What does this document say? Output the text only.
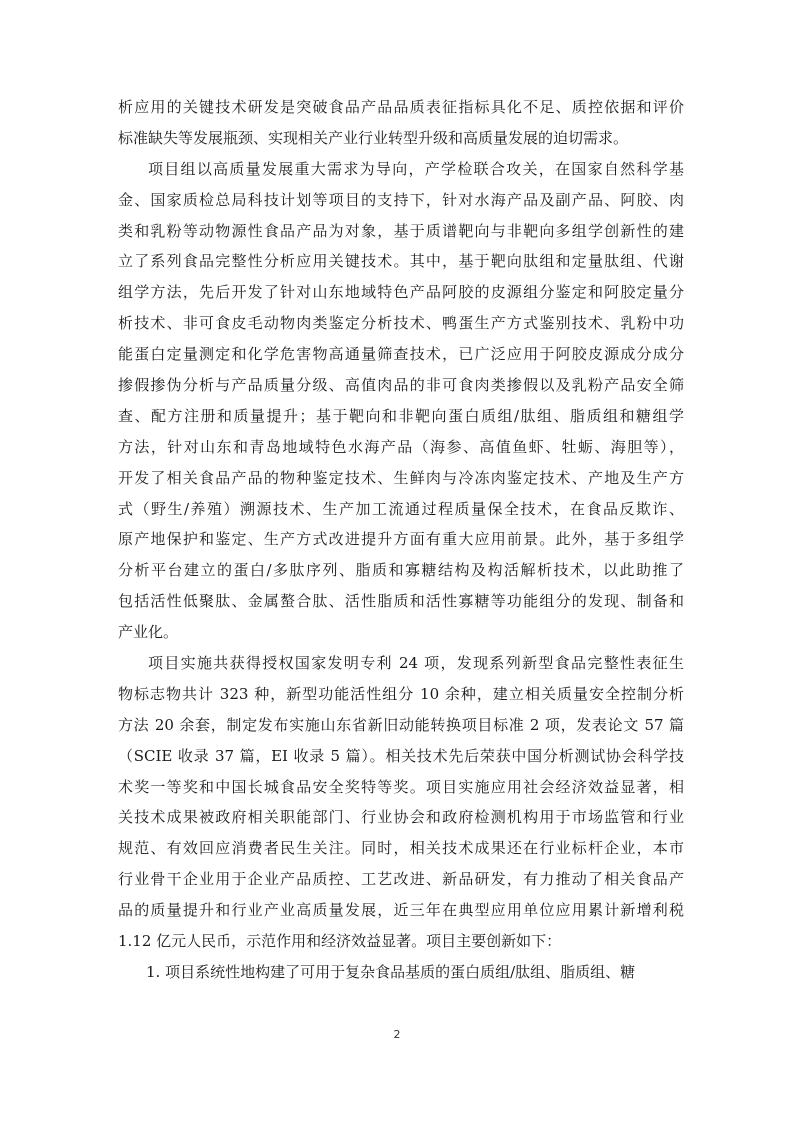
析应用的关键技术研发是突破食品产品品质表征指标具化不足、质控依据和评价
标准缺失等发展瓶颈、实现相关产业行业转型升级和高质量发展的迫切需求。
项目组以高质量发展重大需求为导向，产学检联合攻关，在国家自然科学基
金、国家质检总局科技计划等项目的支持下，针对水海产品及副产品、阿胶、肉
类和乳粉等动物源性食品产品为对象，基于质谱靶向与非靶向多组学创新性的建
立了系列食品完整性分析应用关键技术。其中，基于靶向肽组和定量肽组、代谢
组学方法，先后开发了针对山东地域特色产品阿胶的皮源组分鉴定和阿胶定量分
析技术、非可食皮毛动物肉类鉴定分析技术、鸭蛋生产方式鉴别技术、乳粉中功
能蛋白定量测定和化学危害物高通量筛查技术，已广泛应用于阿胶皮源成分成分
掺假掺伪分析与产品质量分级、高值肉品的非可食肉类掺假以及乳粉产品安全筛
查、配方注册和质量提升；基于靶向和非靶向蛋白质组/肽组、脂质组和糖组学
方法，针对山东和青岛地域特色水海产品（海参、高值鱼虾、牡蛎、海胆等），
开发了相关食品产品的物种鉴定技术、生鲜肉与冷冻肉鉴定技术、产地及生产方
式（野生/养殖）溯源技术、生产加工流通过程质量保全技术，在食品反欺诈、
原产地保护和鉴定、生产方式改进提升方面有重大应用前景。此外，基于多组学
分析平台建立的蛋白/多肽序列、脂质和寡糖结构及构活解析技术，以此助推了
包括活性低聚肽、金属螯合肽、活性脂质和活性寡糖等功能组分的发现、制备和
产业化。
项目实施共获得授权国家发明专利 24 项，发现系列新型食品完整性表征生
物标志物共计 323 种，新型功能活性组分 10 余种，建立相关质量安全控制分析
方法 20 余套，制定发布实施山东省新旧动能转换项目标准 2 项，发表论文 57 篇
（SCIE 收录 37 篇，EI 收录 5 篇）。相关技术先后荣获中国分析测试协会科学技
术奖一等奖和中国长城食品安全奖特等奖。项目实施应用社会经济效益显著，相
关技术成果被政府相关职能部门、行业协会和政府检测机构用于市场监管和行业
规范、有效回应消费者民生关注。同时，相关技术成果还在行业标杆企业，本市
行业骨干企业用于企业产品质控、工艺改进、新品研发，有力推动了相关食品产
品的质量提升和行业产业高质量发展，近三年在典型应用单位应用累计新增利税
1.12 亿元人民币，示范作用和经济效益显著。项目主要创新如下：
1. 项目系统性地构建了可用于复杂食品基质的蛋白质组/肽组、脂质组、糖
2
